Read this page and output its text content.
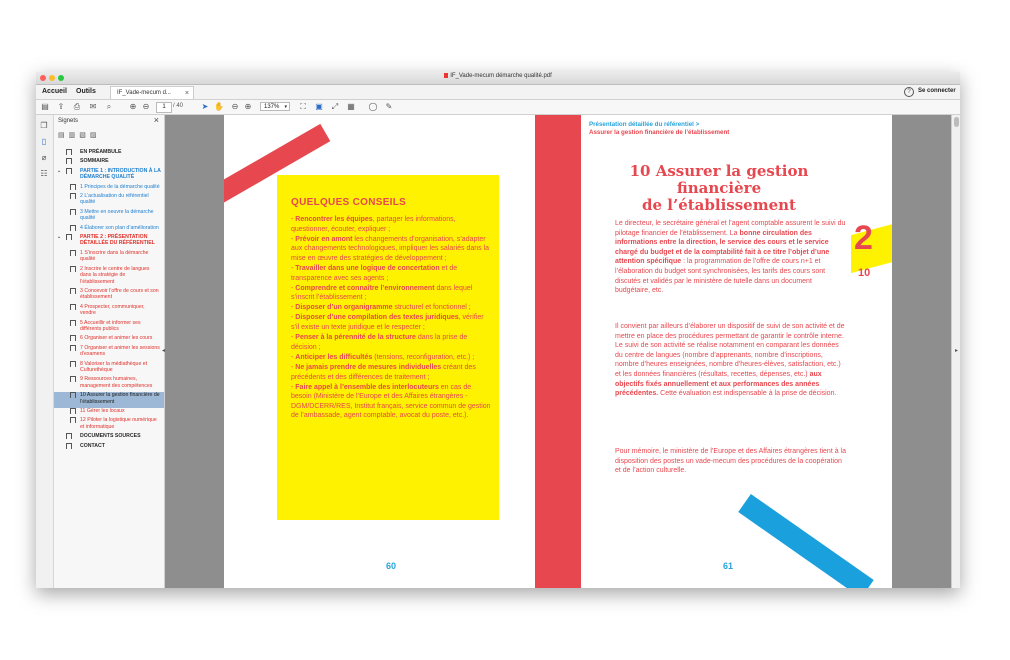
IF_Vade-mecum démarche qualité.pdf
Accueil Outils	IF_Vade-mecum d... ×	?	Se connecter
▤ ⇪ ⎙ ✉	⌕	⊕ ⊖	1	/ 40 ➤ ✋ ⊖ ⊕	137% ▾ ⛶ ▣ ⤢ ▦ ◯ ✎
❐
▯
⌀
☷
Signets	×
▤▥▧▨
EN PRÉAMBULE
SOMMAIRE
⌄	PARTIE 1 : INTRODUCTION À LA DÉMARCHE QUALITÉ
1 Principes de la démarche qualité
2 L’actualisation du référentiel qualité
3 Mettre en oeuvre la démarche qualité
4 Élaborer son plan d’amélioration
⌄	PARTIE 2 : PRÉSENTATION DÉTAILLÉE DU RÉFÉRENTIEL
1 S’inscrire dans la démarche qualité
2 Inscrire le centre de langues dans la stratégie de l’établissement
3 Concevoir l’offre de cours et son établissement
4 Prospecter, communiquer, vendre
5 Accueillir et informer ses différents publics
6 Organiser et animer les cours
7 Organiser et animer les sessions d’examens
8 Valoriser la médiathèque et Culturethèque
9 Ressources humaines, management des compétences
10 Assurer la gestion financière de l’établissement
11 Gérer les locaux
12 Piloter la logistique numérique et informatique
DOCUMENTS SOURCES
CONTACT
◂
QUELQUES CONSEILS
- Rencontrer les équipes, partager les informations, questionner, écouter, expliquer ;
- Prévoir en amont les changements d’organisation, s’adapter aux changements technologiques, impliquer les salariés dans la mise en œuvre des stratégies de développement ;
- Travailler dans une logique de concertation et de transparence avec ses agents ;
- Comprendre et connaître l’environnement dans lequel s’inscrit l’établissement ;
- Disposer d’un organigramme structurel et fonctionnel ;
- Disposer d’une compilation des textes juridiques, vérifier s’il existe un texte juridique et le respecter ;
- Penser à la pérennité de la structure dans la prise de décision ;
- Anticiper les difficultés (tensions, reconfiguration, etc.) ;
- Ne jamais prendre de mesures individuelles créant des précédents et des différences de traitement ;
- Faire appel à l’ensemble des interlocuteurs en cas de besoin (Ministère de l’Europe et des Affaires étrangères - DGM/DCERR/RES, Institut français, service commun de gestion de l’ambassade, agent comptable, avocat du poste, etc.).
60
Présentation détaillée du référentiel >
Assurer la gestion financière de l’établissement
10 Assurer la gestion financière
de l’établissement
2
10

Le directeur, le secrétaire général et l’agent comptable assurent le suivi du pilotage financier de l’établissement. La bonne circulation des informations entre la direction, le service des cours et le service chargé du budget et de la comptabilité fait à ce titre l’objet d’une attention spécifique : la programmation de l’offre de cours n+1 et l’élaboration du budget sont synchronisées, les tarifs des cours sont discutés et validés par le ministère de tutelle dans un document budgétaire, etc.

Il convient par ailleurs d’élaborer un dispositif de suivi de son activité et de mettre en place des procédures permettant de garantir le contrôle interne. Le suivi de son activité se réalise notamment en comparant les données du centre de langues (nombre d’apprenants, nombre d’inscriptions, nombre d’heures enseignées, nombre d’heures-élèves, satisfaction, etc.) et les données financières (résultats, recettes, dépenses, etc.) aux objectifs fixés annuellement et aux performances des années précédentes. Cette évaluation est indispensable à la prise de décision.

Pour mémoire, le ministère de l’Europe et des Affaires étrangères tient à la disposition des postes un vade-mecum des procédures de la coopération et de l’action culturelle.

61
▸
